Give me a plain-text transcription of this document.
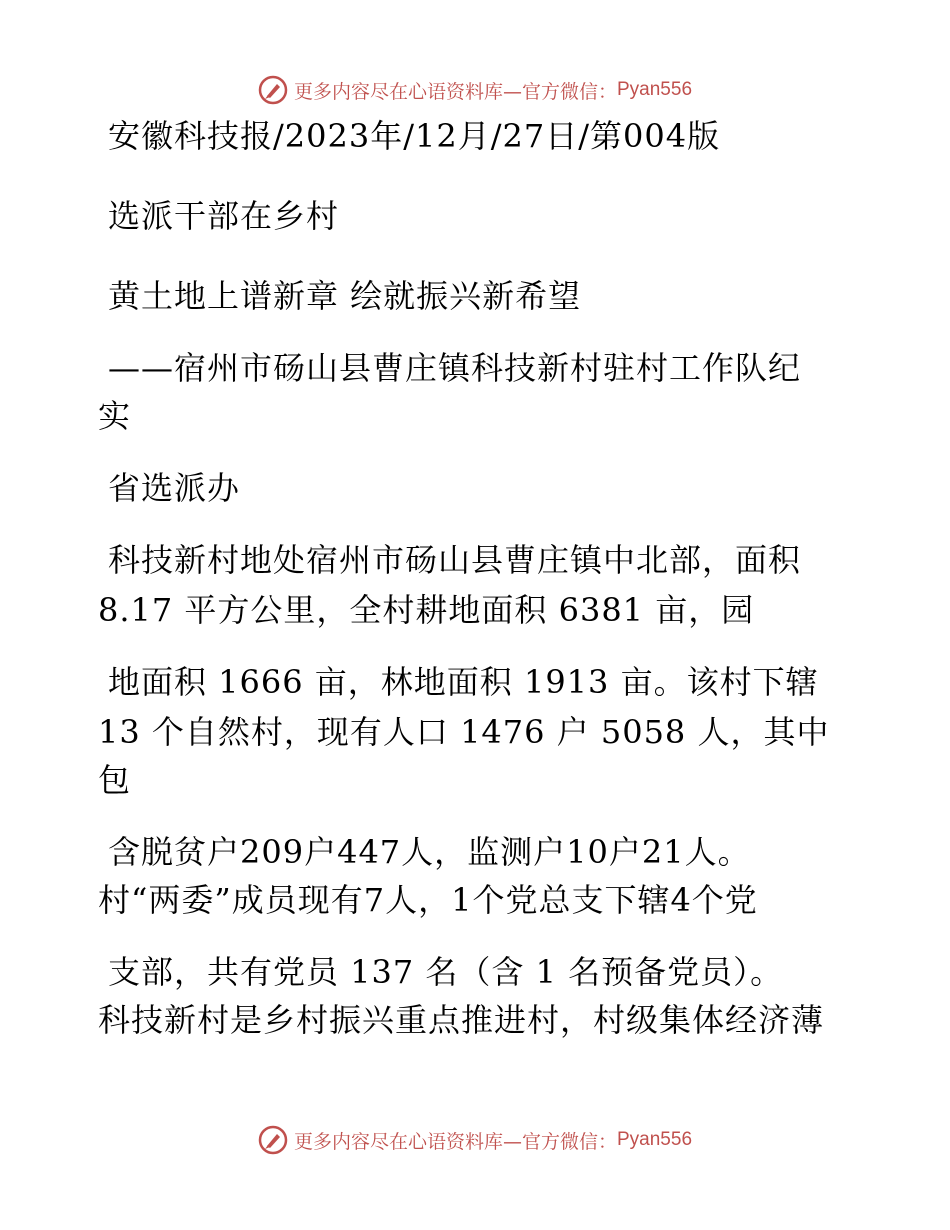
更多内容尽在心语资料库—官方微信： Pyan556

安徽科技报/2023年/12月/27日/第004版

选派干部在乡村

黄土地上谱新章 绘就振兴新希望

——宿州市砀山县曹庄镇科技新村驻村工作队纪

实

省选派办

科技新村地处宿州市砀山县曹庄镇中北部，面积

8.17 平方公里，全村耕地面积 6381 亩，园

地面积 1666 亩，林地面积 1913 亩。该村下辖

13 个自然村，现有人口 1476 户 5058 人，其中

包

含脱贫户209户447人，监测户10户21人。

村“两委”成员现有7人，1个党总支下辖4个党

支部，共有党员 137 名（含 1 名预备党员）。

科技新村是乡村振兴重点推进村，村级集体经济薄

更多内容尽在心语资料库—官方微信： Pyan556
